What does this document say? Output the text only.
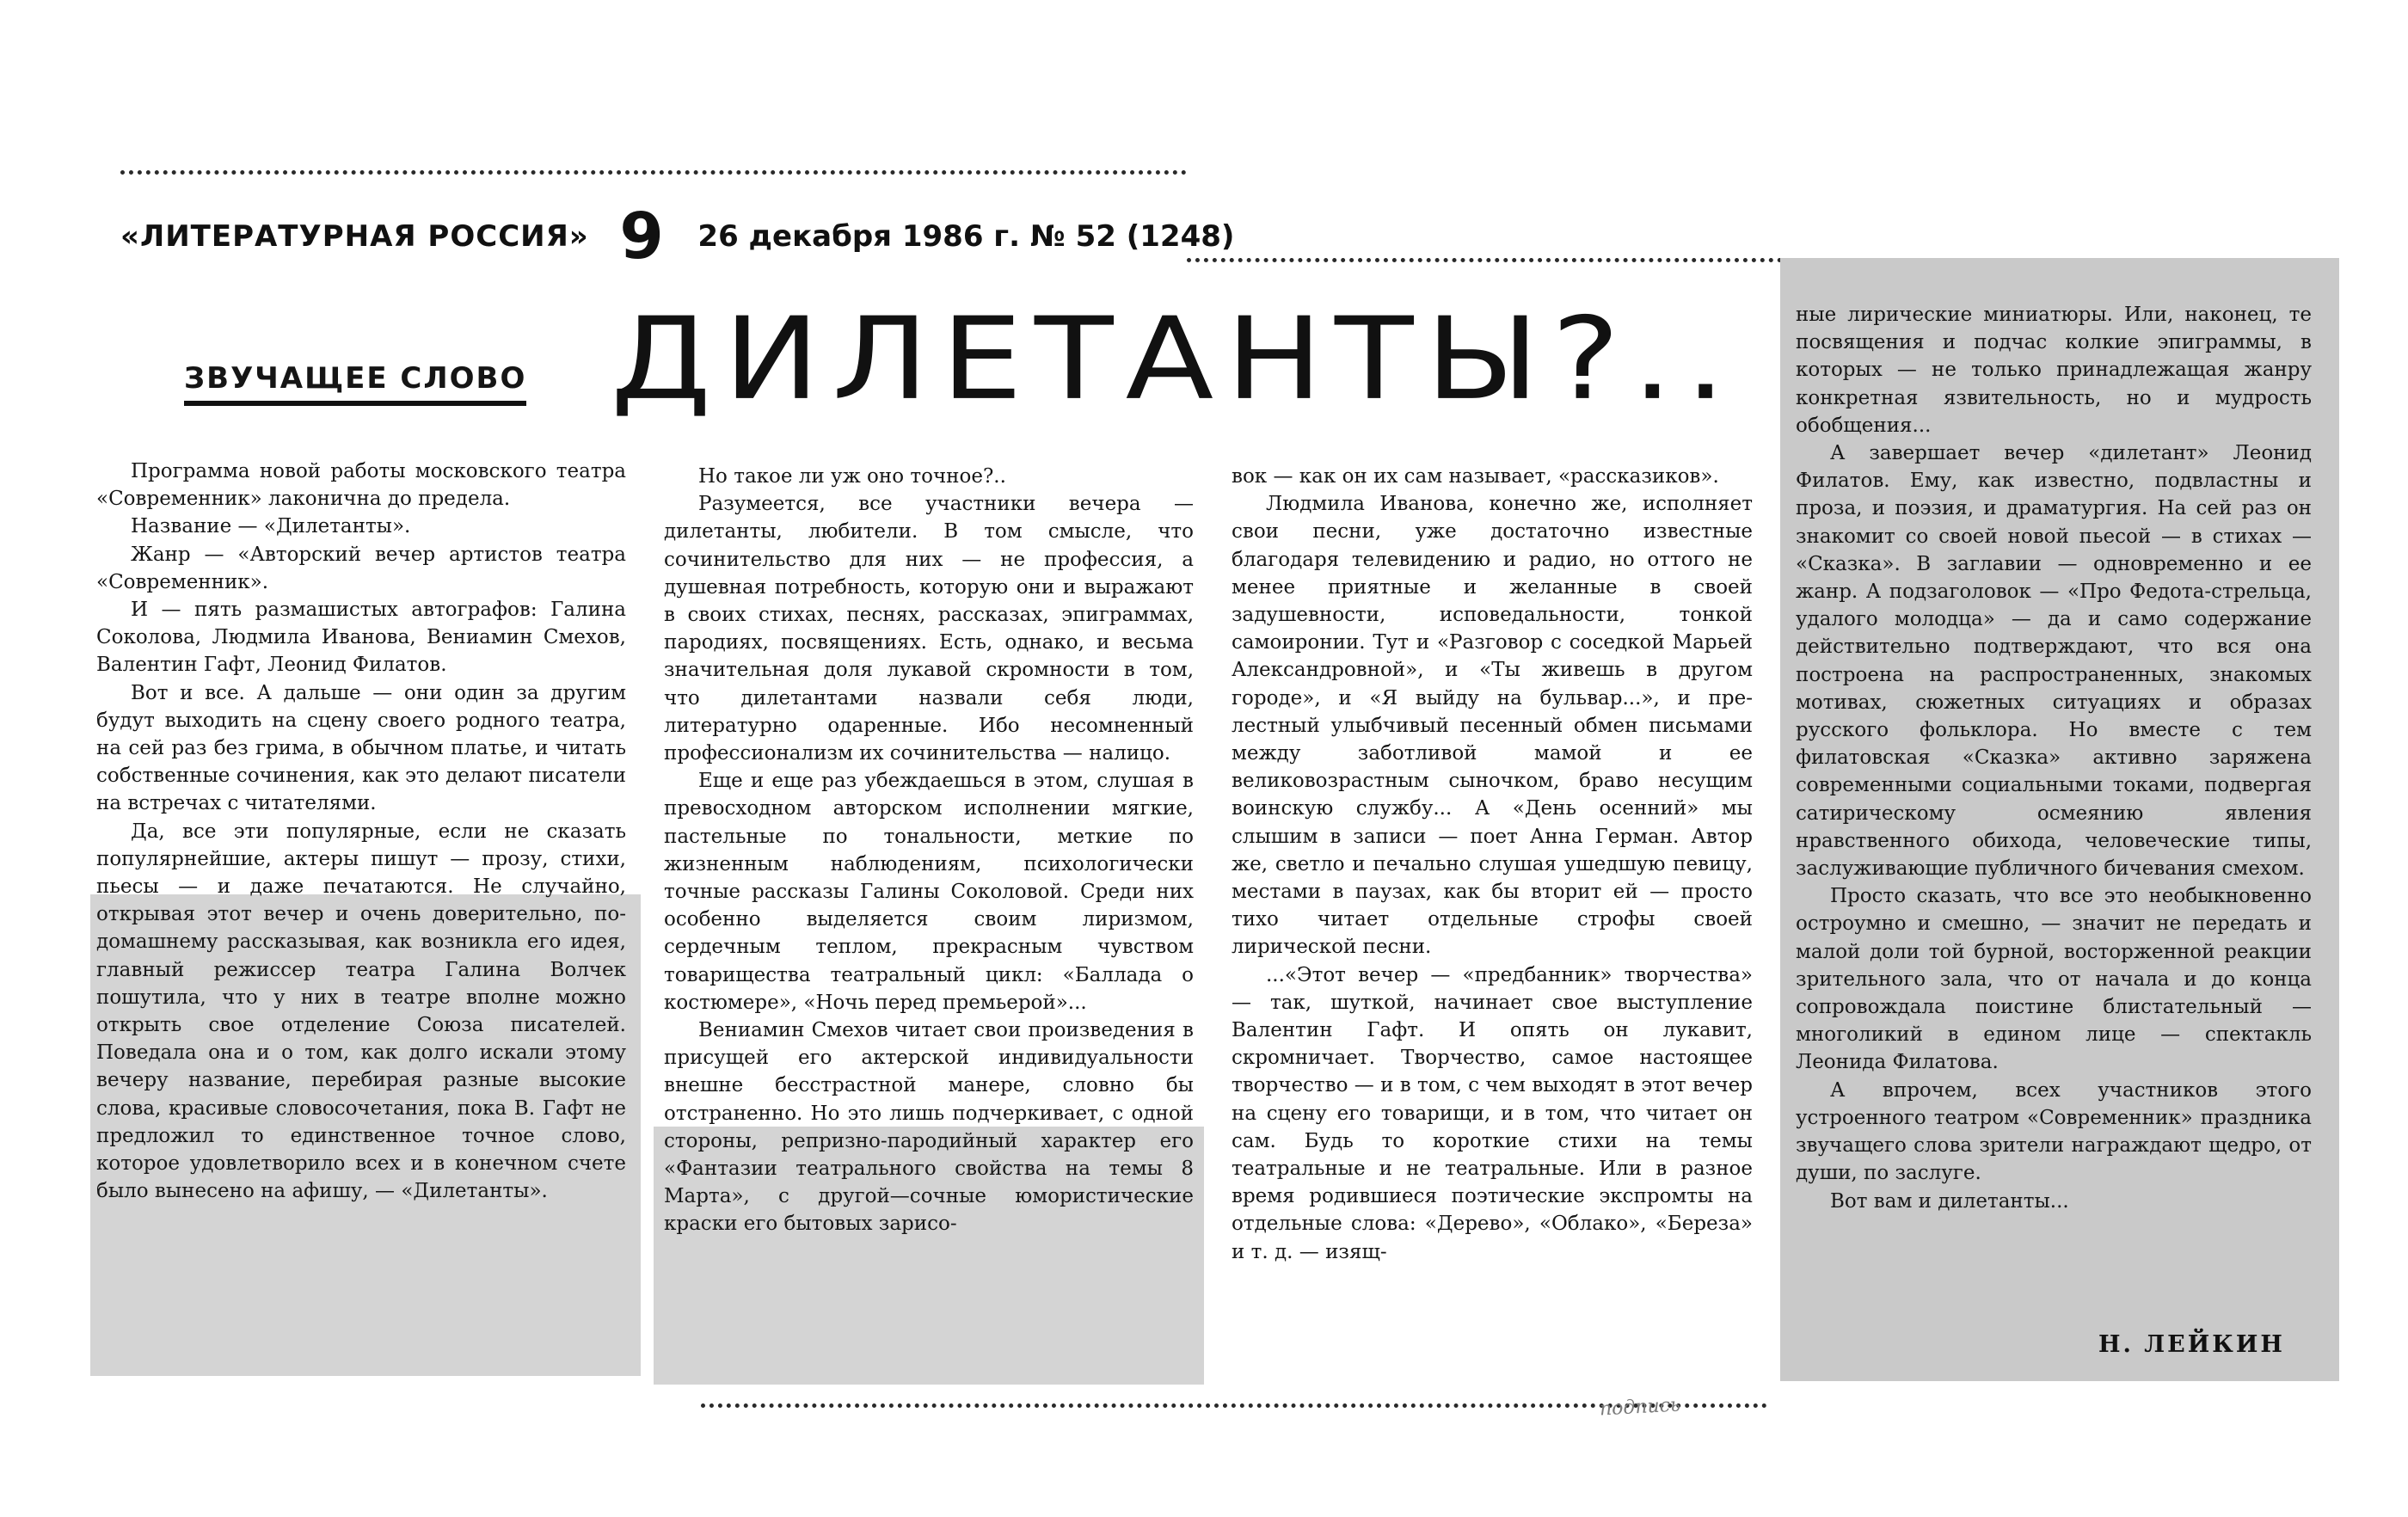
«ЛИТЕРАТУРНАЯ РОССИЯ» 9 26 декабря 1986 г. № 52 (1248)
ЗВУЧАЩЕЕ СЛОВО ДИЛЕТАНТЫ?..

Программа новой работы московского театра «Современник» лаконична до предела.

Название — «Дилетанты».

Жанр — «Авторский вечер артистов театра «Современник».

И — пять размашистых автографов: Галина Соколова, Людмила Иванова, Вениамин Смехов, Валентин Гафт, Леонид Филатов.

Вот и все. А дальше — они один за другим будут выходить на сцену своего родного театра, на сей раз без грима, в обычном платье, и читать собственные сочинения, как это делают писатели на встречах с читателями.

Да, все эти популярные, если не сказать популярнейшие, актеры пишут — прозу, стихи, пьесы — и даже печатаются. Не случайно, открывая этот вечер и очень доверительно, по-домашнему рассказывая, как возникла его идея, главный режиссер театра Галина Волчек пошутила, что у них в театре вполне можно открыть свое отделение Союза писателей. Поведала она и о том, как долго искали этому вечеру название, перебирая разные высокие слова, красивые словосочетания, пока В. Гафт не предложил то единственное точное слово, которое удовлетворило всех и в конечном счете было вынесено на афишу, — «Дилетанты».

Но такое ли уж оно точное?..

Разумеется, все участники вечера — дилетанты, любители. В том смысле, что сочинительство для них — не профессия, а душевная потребность, которую они и выражают в своих стихах, песнях, рассказах, эпиграммах, пародиях, посвящениях. Есть, однако, и весьма значительная доля лукавой скромности в том, что дилетантами назвали себя люди, литературно одаренные. Ибо несомненный профессионализм их сочинительства — налицо.

Еще и еще раз убеждаешься в этом, слушая в превосходном авторском исполнении мягкие, пастельные по тональности, меткие по жизненным наблюдениям, психологически точные рассказы Галины Соколовой. Среди них особенно выделяется своим лиризмом, сердечным теплом, прекрасным чувством товарищества театральный цикл: «Баллада о костюмере», «Ночь перед премьерой»...

Вениамин Смехов читает свои произведения в присущей его актерской индивидуальности внешне бесстрастной манере, словно бы отстраненно. Но это лишь подчеркивает, с одной стороны, репризно-пародийный характер его «Фантазии театрального свойства на темы 8 Марта», с другой—сочные юмористические краски его бытовых зарисо-

вок — как он их сам называет, «рассказиков».

Людмила Иванова, конечно же, исполняет свои песни, уже достаточно известные благодаря телевидению и радио, но оттого не менее приятные и желанные в своей задушевности, исповедальности, тонкой самоиронии. Тут и «Разговор с соседкой Марьей Александровной», и «Ты живешь в другом городе», и «Я выйду на бульвар...», и прелестный улыбчивый песенный обмен письмами между заботливой мамой и ее великовозрастным сыночком, браво несущим воинскую службу... А «День осенний» мы слышим в записи — поет Анна Герман. Автор же, светло и печально слушая ушедшую певицу, местами в паузах, как бы вторит ей — просто тихо читает отдельные строфы своей лирической песни.

...«Этот вечер — «предбанник» творчества» — так, шуткой, начинает свое выступление Валентин Гафт. И опять он лукавит, скромничает. Творчество, самое настоящее творчество — и в том, с чем выходят в этот вечер на сцену его товарищи, и в том, что читает он сам. Будь то короткие стихи на темы театральные и не театральные. Или в разное время родившиеся поэтические экспромты на отдельные слова: «Дерево», «Облако», «Береза» и т. д. — изящ-

ные лирические миниатюры. Или, наконец, те посвящения и подчас колкие эпиграммы, в которых — не только принадлежащая жанру конкретная язвительность, но и мудрость обобщения...

А завершает вечер «дилетант» Леонид Филатов. Ему, как известно, подвластны и проза, и поэзия, и драматургия. На сей раз он знакомит со своей новой пьесой — в стихах — «Сказка». В заглавии — одновременно и ее жанр. А подзаголовок — «Про Федота-стрельца, удалого молодца» — да и само содержание действительно подтверждают, что вся она построена на распространенных, знакомых мотивах, сюжетных ситуациях и образах русского фольклора. Но вместе с тем филатовская «Сказка» активно заряжена современными социальными токами, подвергая сатирическому осмеянию явления нравственного обихода, человеческие типы, заслуживающие публичного бичевания смехом.

Просто сказать, что все это необыкновенно остроумно и смешно, — значит не передать и малой доли той бурной, восторженной реакции зрительного зала, что от начала и до конца сопровождала поистине блистательный — многоликий в едином лице — спектакль Леонида Филатова.

А впрочем, всех участников этого устроенного театром «Современник» праздника звучащего слова зрители награждают щедро, от души, по заслуге.

Вот вам и дилетанты...

Н. ЛЕЙКИН
подпись
